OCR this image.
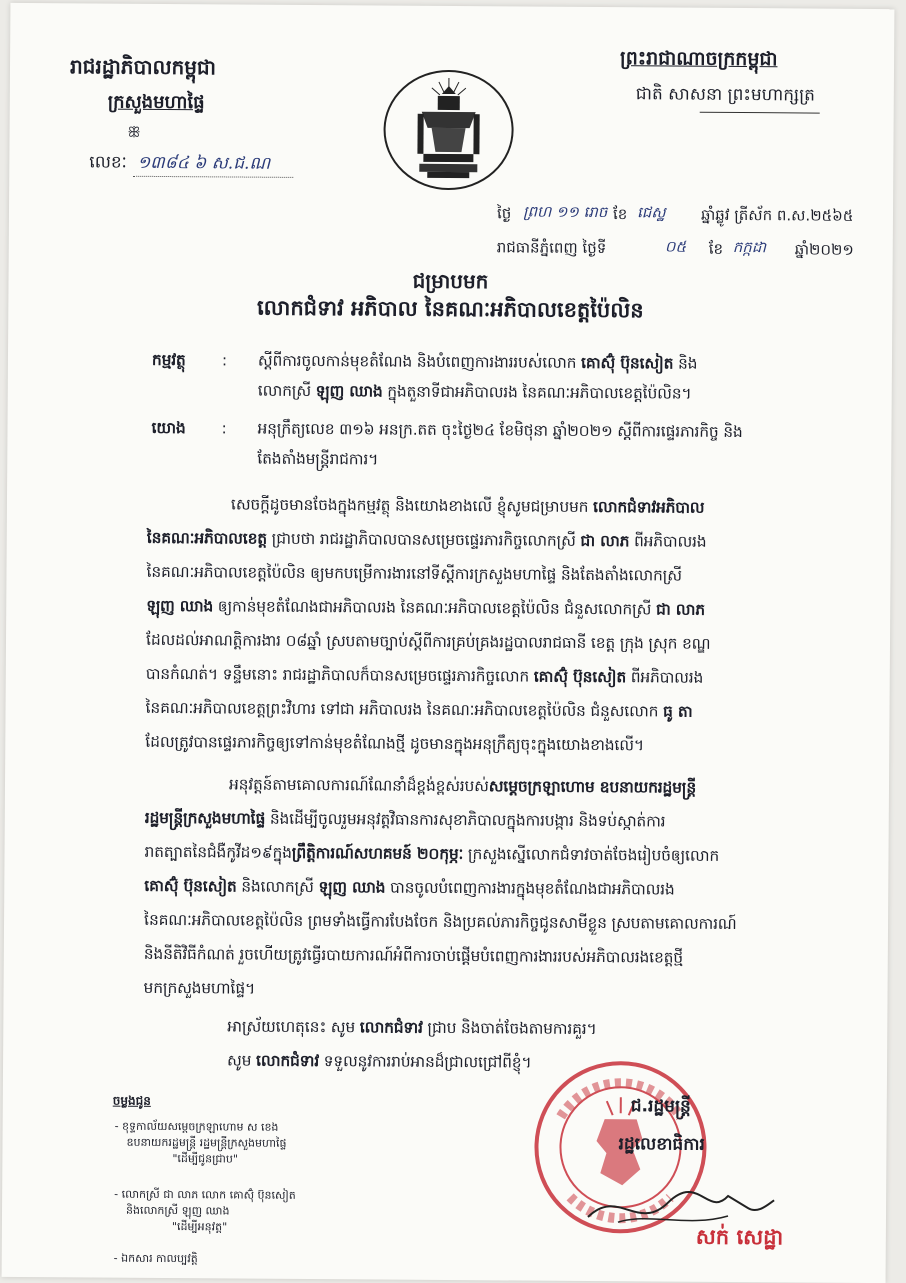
រាជរដ្ឋាភិបាលកម្ពុជា
ក្រសួងមហាផ្ទៃ
ꕥ
លេខៈ ១៣៨៤ ៦ ស.ជ.ណ
ព្រះរាជាណាចក្រកម្ពុជា
ជាតិ សាសនា ព្រះមហាក្សត្រ
ថ្ងៃ ព្រហ ១១ រោច ខែ ជេស្ឋ ឆ្នាំឆ្លូវ ត្រីស័ក ព.ស.២៥៦៥
រាជធានីភ្នំពេញ ថ្ងៃទី	០៥ ខែ កក្កដា ឆ្នាំ២០២១
ជម្រាបមក
លោកជំទាវ អភិបាល នៃគណៈអភិបាលខេត្តប៉ៃលិន
កម្មវត្ថុ : ស្តីពីការចូលកាន់មុខតំណែង និងបំពេញការងាររបស់លោក គោស៊ុំ ប៊ុនសៀត និង
លោកស្រី ឡុញ ឈាង ក្នុងតួនាទីជាអភិបាលរង នៃគណៈអភិបាលខេត្តប៉ៃលិន។
យោង : អនុក្រឹត្យលេខ ៣១៦ អនក្រ.តត ចុះថ្ងៃ២៤ ខែមិថុនា ឆ្នាំ២០២១ ស្តីពីការផ្ទេរភារកិច្ច និង
តែងតាំងមន្ត្រីរាជការ។
សេចក្តីដូចមានចែងក្នុងកម្មវត្ថុ និងយោងខាងលើ ខ្ញុំសូមជម្រាបមក លោកជំទាវអភិបាល
នៃគណៈអភិបាលខេត្ត ជ្រាបថា រាជរដ្ឋាភិបាលបានសម្រេចផ្ទេរភារកិច្ចលោកស្រី ជា លាភ ពីអភិបាលរង
នៃគណៈអភិបាលខេត្តប៉ៃលិន ឲ្យមកបម្រើការងារនៅទីស្តីការក្រសួងមហាផ្ទៃ និងតែងតាំងលោកស្រី
ឡុញ ឈាង ឲ្យកាន់មុខតំណែងជាអភិបាលរង នៃគណៈអភិបាលខេត្តប៉ៃលិន ជំនួសលោកស្រី ជា លាភ
ដែលដល់អាណត្តិការងារ ០៨ឆ្នាំ ស្របតាមច្បាប់ស្តីពីការគ្រប់គ្រងរដ្ឋបាលរាជធានី ខេត្ត ក្រុង ស្រុក ខណ្ឌ
បានកំណត់។ ទន្ទឹមនោះ រាជរដ្ឋាភិបាលក៏បានសម្រេចផ្ទេរភារកិច្ចលោក គោស៊ុំ ប៊ុនសៀត ពីអភិបាលរង
នៃគណៈអភិបាលខេត្តព្រះវិហារ ទៅជា អភិបាលរង នៃគណៈអភិបាលខេត្តប៉ៃលិន ជំនួសលោក ធូ តា
ដែលត្រូវបានផ្ទេរភារកិច្ចឲ្យទៅកាន់មុខតំណែងថ្មី ដូចមានក្នុងអនុក្រឹត្យចុះក្នុងយោងខាងលើ។
អនុវត្តន៍តាមគោលការណ៍ណែនាំដ៏ខ្ពង់ខ្ពស់របស់សម្តេចក្រឡាហោម ឧបនាយករដ្ឋមន្ត្រី
រដ្ឋមន្ត្រីក្រសួងមហាផ្ទៃ និងដើម្បីចូលរួមអនុវត្តវិធានការសុខាភិបាលក្នុងការបង្ការ និងទប់ស្កាត់ការ
រាតត្បាតនៃជំងឺកូវីដ១៩ក្នុងព្រឹត្តិការណ៍សហគមន៍ ២០កុម្ភៈ ក្រសួងស្នើលោកជំទាវចាត់ចែងរៀបចំឲ្យលោក
គោស៊ុំ ប៊ុនសៀត និងលោកស្រី ឡុញ ឈាង បានចូលបំពេញការងារក្នុងមុខតំណែងជាអភិបាលរង
នៃគណៈអភិបាលខេត្តប៉ៃលិន ព្រមទាំងធ្វើការបែងចែក និងប្រគល់ភារកិច្ចជូនសាមីខ្លួន ស្របតាមគោលការណ៍
និងនីតិវិធីកំណត់ រួចហើយត្រូវធ្វើរបាយការណ៍អំពីការចាប់ផ្តើមបំពេញការងាររបស់អភិបាលរងខេត្តថ្មី
មកក្រសួងមហាផ្ទៃ។
អាស្រ័យហេតុនេះ សូម លោកជំទាវ ជ្រាប និងចាត់ចែងតាមការគួរ។
សូម លោកជំទាវ ទទួលនូវការរាប់អានដ៏ជ្រាលជ្រៅពីខ្ញុំ។
ចម្លងជូន
- ខុទ្ទកាល័យសម្តេចក្រឡាហោម ស ខេង
ឧបនាយករដ្ឋមន្ត្រី រដ្ឋមន្ត្រីក្រសួងមហាផ្ទៃ
"ដើម្បីជូនជ្រាប"
- លោកស្រី ជា លាភ លោក គោស៊ុំ ប៊ុនសៀត
និងលោកស្រី ឡុញ ឈាង
"ដើម្បីអនុវត្ត"
- ឯកសារ កាលប្បវត្តិ
ជ.រដ្ឋមន្ត្រី
រដ្ឋលេខាធិការ
សក់ សេដ្ឋា
